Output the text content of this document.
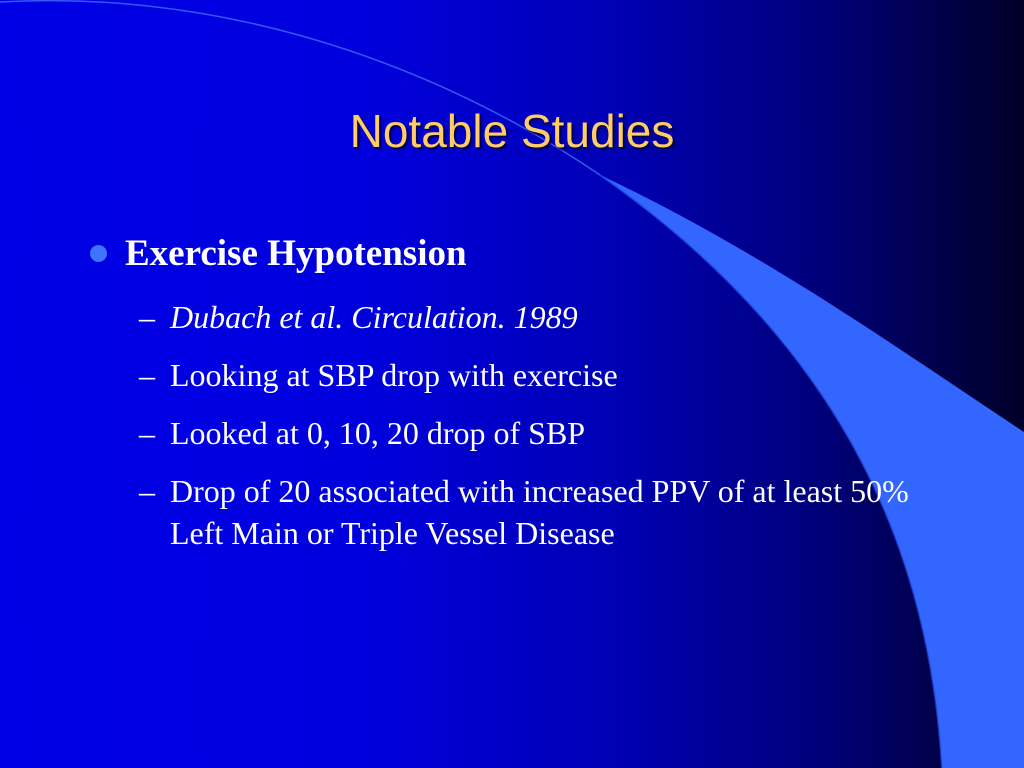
Notable Studies
Exercise Hypotension
– Dubach et al. Circulation. 1989
– Looking at SBP drop with exercise
– Looked at 0, 10, 20 drop of SBP
– Drop of 20 associated with increased PPV of at least 50% Left Main or Triple Vessel Disease
